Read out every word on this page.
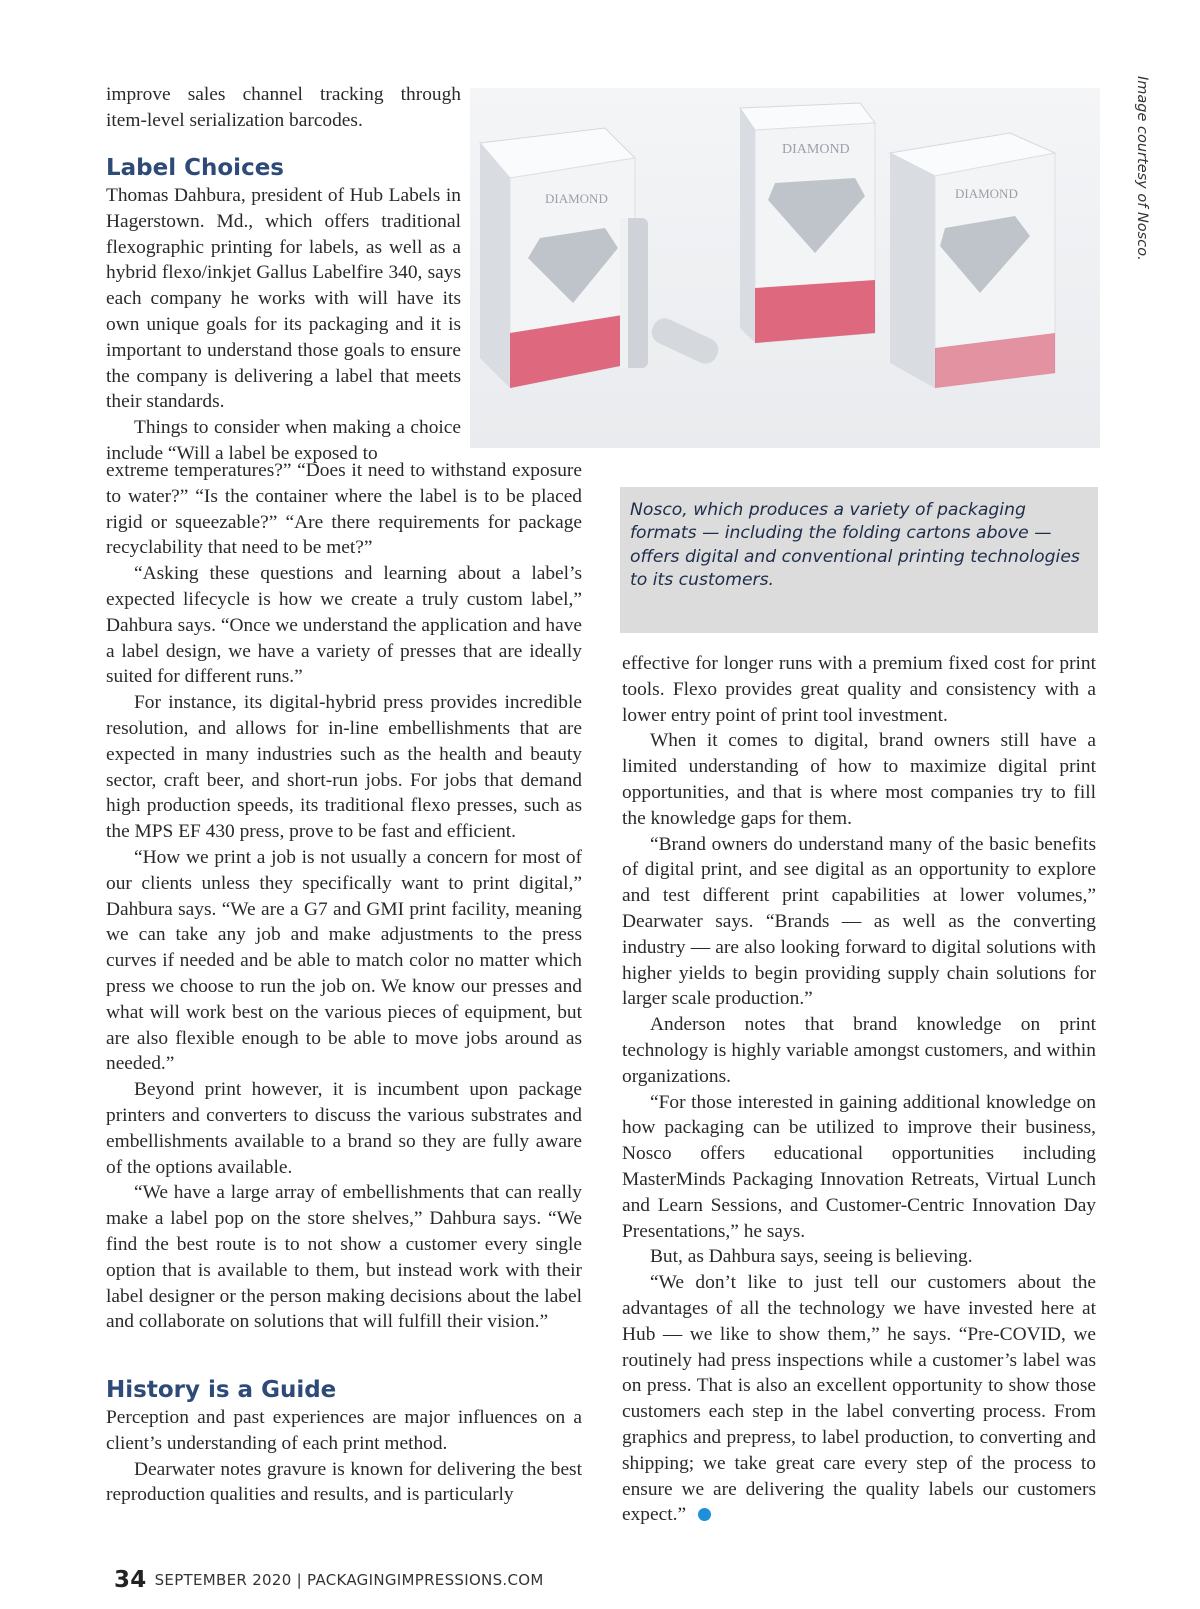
improve sales channel tracking through

item-level serialization barcodes.

Label Choices

Thomas Dahbura, president of Hub Labels in Hagerstown. Md., which offers traditional flexographic printing for labels, as well as a hybrid flexo/inkjet Gallus Labelfire 340, says each company he works with will have its own unique goals for its packaging and it is important to understand those goals to ensure the company is delivering a label that meets their standards.

Things to consider when making a choice include “Will a label be exposed to

extreme temperatures?” “Does it need to withstand exposure to water?” “Is the container where the label is to be placed rigid or squeezable?” “Are there requirements for package recyclability that need to be met?”

“Asking these questions and learning about a label’s expected lifecycle is how we create a truly custom label,” Dahbura says. “Once we understand the application and have a label design, we have a variety of presses that are ideally suited for different runs.”

For instance, its digital-hybrid press provides incredible resolution, and allows for in-line embellishments that are expected in many industries such as the health and beauty sector, craft beer, and short-run jobs. For jobs that demand high production speeds, its traditional flexo presses, such as the MPS EF 430 press, prove to be fast and efficient.

“How we print a job is not usually a concern for most of our clients unless they specifically want to print digital,” Dahbura says. “We are a G7 and GMI print facility, meaning we can take any job and make adjustments to the press curves if needed and be able to match color no matter which press we choose to run the job on. We know our presses and what will work best on the various pieces of equipment, but are also flexible enough to be able to move jobs around as needed.”

Beyond print however, it is incumbent upon package printers and converters to discuss the various substrates and embellishments available to a brand so they are fully aware of the options available.

“We have a large array of embellishments that can really make a label pop on the store shelves,” Dahbura says. “We find the best route is to not show a customer every single option that is available to them, but instead work with their label designer or the person making decisions about the label and collaborate on solutions that will fulfill their vision.”

History is a Guide

Perception and past experiences are major influences on a client’s understanding of each print method.

Dearwater notes gravure is known for delivering the best reproduction qualities and results, and is particularly

DIAMOND
DIAMOND
DIAMOND	Image courtesy of Nosco.

Nosco, which produces a variety of packaging formats — including the folding cartons above — offers digital and conventional printing technologies to its customers.

effective for longer runs with a premium fixed cost for print tools. Flexo provides great quality and consistency with a lower entry point of print tool investment.

When it comes to digital, brand owners still have a limited understanding of how to maximize digital print opportunities, and that is where most companies try to fill the knowledge gaps for them.

“Brand owners do understand many of the basic benefits of digital print, and see digital as an opportunity to explore and test different print capabilities at lower volumes,” Dearwater says. “Brands — as well as the converting industry — are also looking forward to digital solutions with higher yields to begin providing supply chain solutions for larger scale production.”

Anderson notes that brand knowledge on print technology is highly variable amongst customers, and within organizations.

“For those interested in gaining additional knowledge on how packaging can be utilized to improve their business, Nosco offers educational opportunities including MasterMinds Packaging Innovation Retreats, Virtual Lunch and Learn Sessions, and Customer-Centric Innovation Day Presentations,” he says.

But, as Dahbura says, seeing is believing.

“We don’t like to just tell our customers about the advantages of all the technology we have invested here at Hub — we like to show them,” he says. “Pre-COVID, we routinely had press inspections while a customer’s label was on press. That is also an excellent opportunity to show those customers each step in the label converting process. From graphics and prepress, to label production, to converting and shipping; we take great care every step of the process to ensure we are delivering the quality labels our customers expect.”

34 SEPTEMBER 2020 | PACKAGINGIMPRESSIONS.COM
